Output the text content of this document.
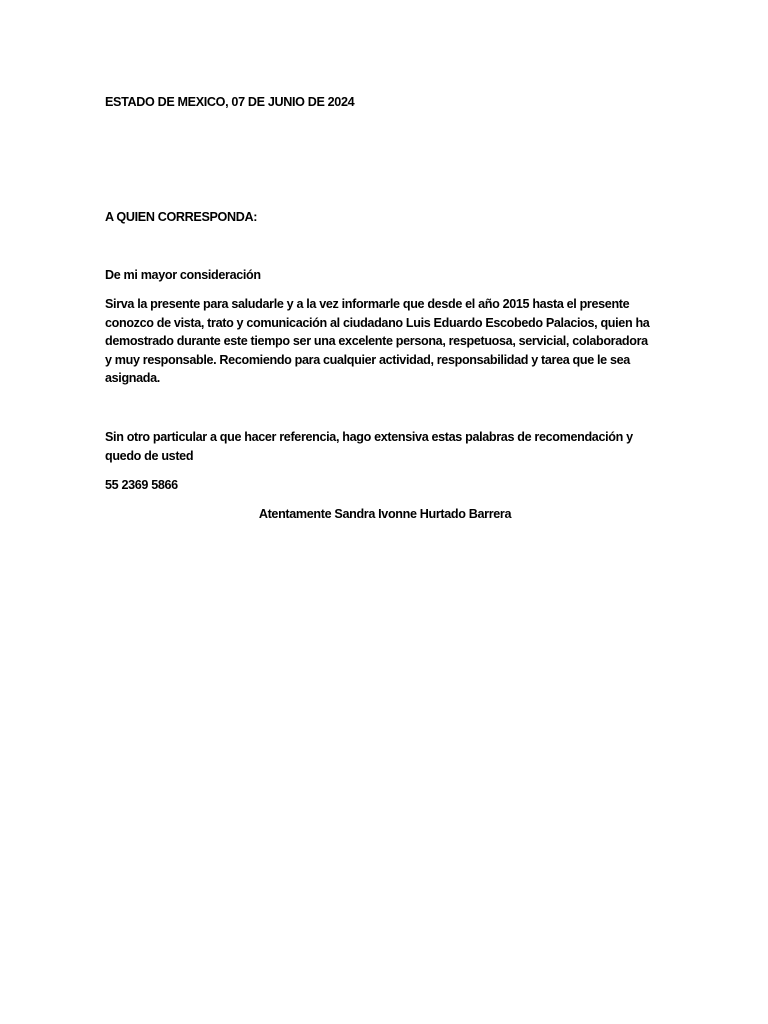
ESTADO DE MEXICO, 07 DE JUNIO DE 2024

A QUIEN CORRESPONDA:

De mi mayor consideración

Sirva la presente para saludarle y a la vez informarle que desde el año 2015 hasta el presente
conozco de vista, trato y comunicación al ciudadano Luis Eduardo Escobedo Palacios, quien ha
demostrado durante este tiempo ser una excelente persona, respetuosa, servicial, colaboradora
y muy responsable. Recomiendo para cualquier actividad, responsabilidad y tarea que le sea
asignada.
Sin otro particular a que hacer referencia, hago extensiva estas palabras de recomendación y
quedo de usted

55 2369 5866

Atentamente Sandra Ivonne Hurtado Barrera
